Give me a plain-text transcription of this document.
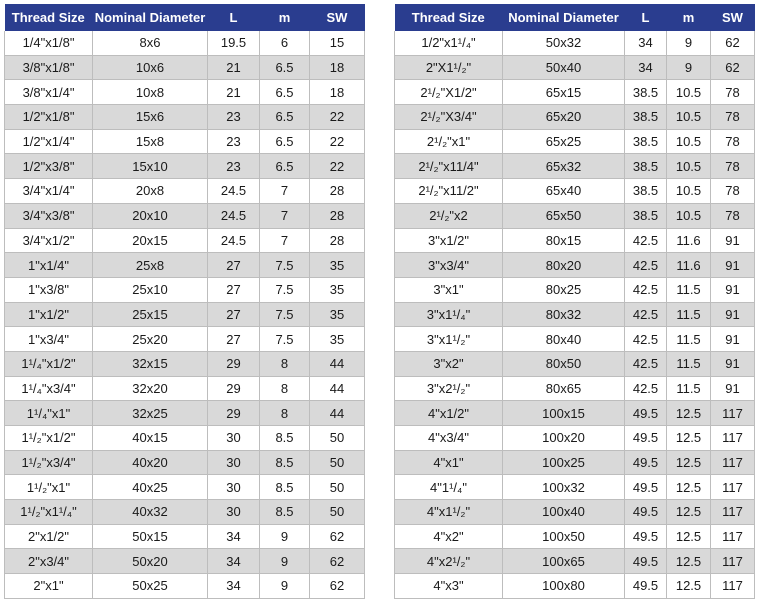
Thread Size	Nominal Diameter	L	m	SW
1/4"x1/8"	8x6	19.5	6	15
3/8"x1/8"	10x6	21	6.5	18
3/8"x1/4"	10x8	21	6.5	18
1/2"x1/8"	15x6	23	6.5	22
1/2"x1/4"	15x8	23	6.5	22
1/2"x3/8"	15x10	23	6.5	22
3/4"x1/4"	20x8	24.5	7	28
3/4"x3/8"	20x10	24.5	7	28
3/4"x1/2"	20x15	24.5	7	28
1"x1/4"	25x8	27	7.5	35
1"x3/8"	25x10	27	7.5	35
1"x1/2"	25x15	27	7.5	35
1"x3/4"	25x20	27	7.5	35
1¹/₄"x1/2"	32x15	29	8	44
1¹/₄"x3/4"	32x20	29	8	44
1¹/₄"x1"	32x25	29	8	44
1¹/₂"x1/2"	40x15	30	8.5	50
1¹/₂"x3/4"	40x20	30	8.5	50
1¹/₂"x1"	40x25	30	8.5	50
1¹/₂"x1¹/₄"	40x32	30	8.5	50
2"x1/2"	50x15	34	9	62
2"x3/4"	50x20	34	9	62
2"x1"	50x25	34	9	62
Thread Size	Nominal Diameter	L	m	SW
1/2"x1¹/₄"	50x32	34	9	62
2"X1¹/₂"	50x40	34	9	62
2¹/₂"X1/2"	65x15	38.5	10.5	78
2¹/₂"X3/4"	65x20	38.5	10.5	78
2¹/₂"x1"	65x25	38.5	10.5	78
2¹/₂"x11/4"	65x32	38.5	10.5	78
2¹/₂"x11/2"	65x40	38.5	10.5	78
2¹/₂"x2	65x50	38.5	10.5	78
3"x1/2"	80x15	42.5	11.6	91
3"x3/4"	80x20	42.5	11.6	91
3"x1"	80x25	42.5	11.5	91
3"x1¹/₄"	80x32	42.5	11.5	91
3"x1¹/₂"	80x40	42.5	11.5	91
3"x2"	80x50	42.5	11.5	91
3"x2¹/₂"	80x65	42.5	11.5	91
4"x1/2"	100x15	49.5	12.5	117
4"x3/4"	100x20	49.5	12.5	117
4"x1"	100x25	49.5	12.5	117
4"1¹/₄"	100x32	49.5	12.5	117
4"x1¹/₂"	100x40	49.5	12.5	117
4"x2"	100x50	49.5	12.5	117
4"x2¹/₂"	100x65	49.5	12.5	117
4"x3"	100x80	49.5	12.5	117
